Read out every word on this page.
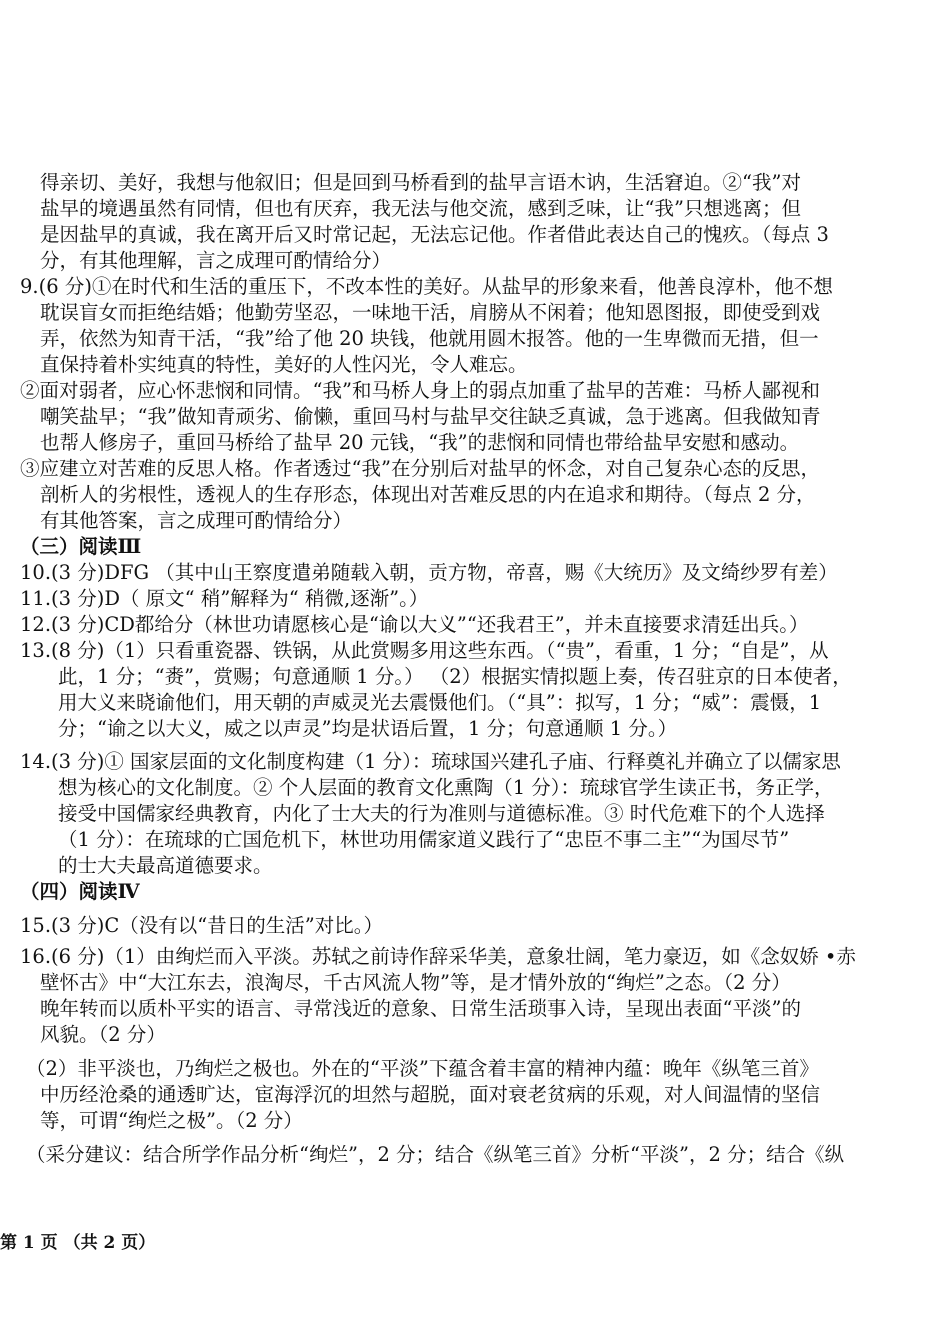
得亲切、美好，我想与他叙旧；但是回到马桥看到的盐早言语木讷，生活窘迫。②“我”对
盐早的境遇虽然有同情，但也有厌弃，我无法与他交流，感到乏味，让“我”只想逃离；但
是因盐早的真诚，我在离开后又时常记起，无法忘记他。作者借此表达自己的愧疚。（每点 3
分，有其他理解，言之成理可酌情给分）
9.(6 分)①在时代和生活的重压下，不改本性的美好。从盐早的形象来看，他善良淳朴，他不想
耽误盲女而拒绝结婚；他勤劳坚忍，一味地干活，肩膀从不闲着；他知恩图报，即使受到戏
弄，依然为知青干活，“我”给了他 20 块钱，他就用圆木报答。他的一生卑微而无措，但一
直保持着朴实纯真的特性，美好的人性闪光，令人难忘。
②面对弱者，应心怀悲悯和同情。“我”和马桥人身上的弱点加重了盐早的苦难：马桥人鄙视和
嘲笑盐早；“我”做知青顽劣、偷懒，重回马村与盐早交往缺乏真诚，急于逃离。但我做知青
也帮人修房子，重回马桥给了盐早 20 元钱，“我”的悲悯和同情也带给盐早安慰和感动。
③应建立对苦难的反思人格。作者透过“我”在分别后对盐早的怀念，对自己复杂心态的反思，
剖析人的劣根性，透视人的生存形态，体现出对苦难反思的内在追求和期待。（每点 2 分，
有其他答案，言之成理可酌情给分）
（三）阅读Ⅲ
10.(3 分)DFG （其中山王察度遣弟随载入朝，贡方物，帝喜，赐《大统历》及文绮纱罗有差）
11.(3 分)D（ 原文“ 稍”解释为“ 稍微,逐渐”。）
12.(3 分)CD都给分（林世功请愿核心是“谕以大义”“还我君王”，并未直接要求清廷出兵。）
13.(8 分)（1）只看重瓷器、铁锅，从此赏赐多用这些东西。（“贵”，看重，1 分；“自是”，从
此，1 分；“赉”，赏赐；句意通顺 1 分。） （2）根据实情拟题上奏，传召驻京的日本使者，
用大义来晓谕他们，用天朝的声威灵光去震慑他们。（“具”：拟写，1 分；“威”：震慑，1
分；“谕之以大义，威之以声灵”均是状语后置，1 分；句意通顺 1 分。）
14.(3 分)① 国家层面的文化制度构建（1 分）：琉球国兴建孔子庙、行释奠礼并确立了以儒家思
想为核心的文化制度。② 个人层面的教育文化熏陶（1 分）：琉球官学生读正书，务正学，
接受中国儒家经典教育，内化了士大夫的行为准则与道德标准。③ 时代危难下的个人选择
（1 分）：在琉球的亡国危机下，林世功用儒家道义践行了“忠臣不事二主”“为国尽节”
的士大夫最高道德要求。
（四）阅读Ⅳ
15.(3 分)C（没有以“昔日的生活”对比。）
16.(6 分)（1）由绚烂而入平淡。苏轼之前诗作辞采华美，意象壮阔，笔力豪迈，如《念奴娇 •赤
壁怀古》中“大江东去，浪淘尽，千古风流人物”等，是才情外放的“绚烂”之态。（2 分）
晚年转而以质朴平实的语言、寻常浅近的意象、日常生活琐事入诗，呈现出表面“平淡”的
风貌。（2 分）
（2）非平淡也，乃绚烂之极也。外在的“平淡”下蕴含着丰富的精神内蕴：晚年《纵笔三首》
中历经沧桑的通透旷达，宦海浮沉的坦然与超脱，面对衰老贫病的乐观，对人间温情的坚信
等，可谓“绚烂之极”。（2 分）
（采分建议：结合所学作品分析“绚烂”，2 分；结合《纵笔三首》分析“平淡”，2 分；结合《纵
第 1 页 （共 2 页）
